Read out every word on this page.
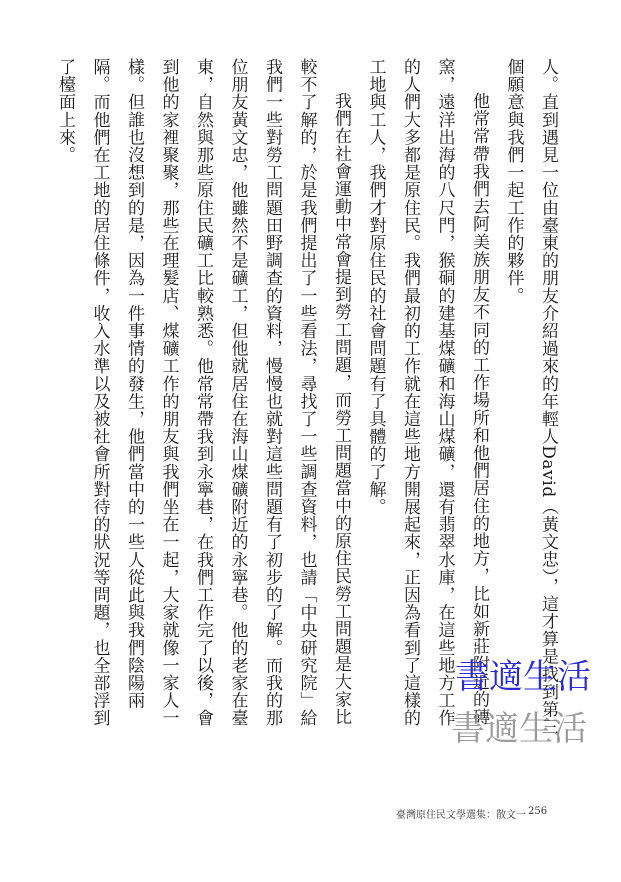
人。直到遇見一位由臺東的朋友介紹過來的年輕人David（黃文忠），這才算是找到第三個願意與我們一起工作的夥伴。

他常常帶我們去阿美族朋友不同的工作場所和他們居住的地方，比如新莊附近的磚窯，遠洋出海的八尺門，猴硐的建基煤礦和海山煤礦，還有翡翠水庫，在這些地方工作的人們大多都是原住民。我們最初的工作就在這些地方開展起來，正因為看到了這樣的工地與工人，我們才對原住民的社會問題有了具體的了解。

我們在社會運動中常會提到勞工問題，而勞工問題當中的原住民勞工問題是大家比較不了解的，於是我們提出了一些看法，尋找了一些調查資料，也請「中央研究院」給我們一些對勞工問題田野調查的資料，慢慢也就對這些問題有了初步的了解。而我的那位朋友黃文忠，他雖然不是礦工，但他就居住在海山煤礦附近的永寧巷。他的老家在臺東，自然與那些原住民礦工比較熟悉。他常常帶我到永寧巷，在我們工作完了以後，會到他的家裡聚聚，那些在理髮店、煤礦工作的朋友與我們坐在一起，大家就像一家人一樣。但誰也沒想到的是，因為一件事情的發生，他們當中的一些人從此與我們陰陽兩隔。而他們在工地的居住條件，收入水準以及被社會所對待的狀況等問題，也全部浮到了檯面上來。

書適生活
書適生活
臺灣原住民文學選集：散文一 256
